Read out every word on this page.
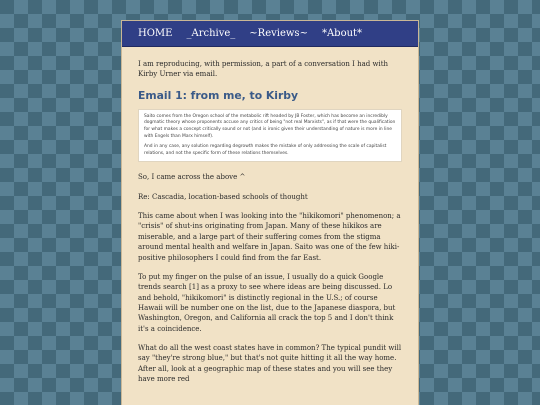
HOME _Archive_ ~Reviews~ *About*

I am reproducing, with permission, a part of a conversation I had with Kirby Urner via email.

Email 1: from me, to Kirby

Saito comes from the Oregon school of the metabolic rift headed by JB Foster, which has become an incredibly dogmatic theory whose proponents accuse any critics of being "not real Marxists", as if that were the qualification for what makes a concept critically sound or not (and is ironic given their understanding of nature is more in line with Engels than Marx himself).

And in any case, any solution regarding degrowth makes the mistake of only addressing the scale of capitalist relations, and not the specific form of these relations themselves.

So, I came across the above ^

Re: Cascadia, location-based schools of thought

This came about when I was looking into the "hikikomori" phenomenon; a "crisis" of shut-ins originating from Japan. Many of these hikikos are miserable, and a large part of their suffering comes from the stigma around mental health and welfare in Japan. Saito was one of the few hiki-positive philosophers I could find from the far East.

To put my finger on the pulse of an issue, I usually do a quick Google trends search [1] as a proxy to see where ideas are being discussed. Lo and behold, "hikikomori" is distinctly regional in the U.S.; of course Hawaii will be number one on the list, due to the Japanese diaspora, but Washington, Oregon, and California all crack the top 5 and I don't think it's a coincidence.

What do all the west coast states have in common? The typical pundit will say "they're strong blue," but that's not quite hitting it all the way home. After all, look at a geographic map of these states and you will see they have more red
